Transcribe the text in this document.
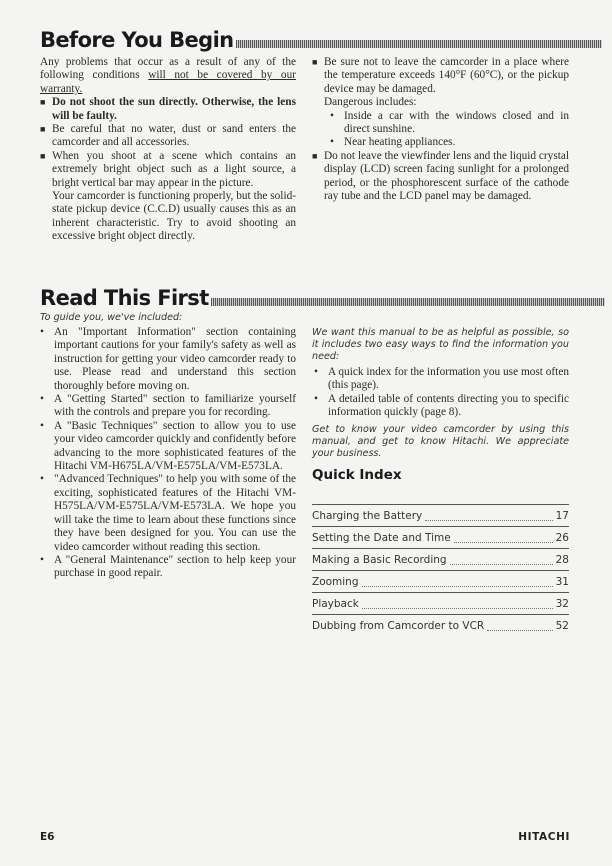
Before You Begin

Any problems that occur as a result of any of the following conditions will not be covered by our warranty.

■ Do not shoot the sun directly. Otherwise, the lens will be faulty.
■ Be careful that no water, dust or sand enters the camcorder and all accessories.
■ When you shoot at a scene which contains an extremely bright object such as a light source, a bright vertical bar may appear in the picture.

Your camcorder is functioning properly, but the solid-state pickup device (C.C.D) usually causes this as an inherent characteristic. Try to avoid shooting an excessive bright object directly.

■ Be sure not to leave the camcorder in a place where the temperature exceeds 140°F (60°C), or the pickup device may be damaged.

Dangerous includes:

• Inside a car with the windows closed and in direct sunshine.
• Near heating appliances.
■ Do not leave the viewfinder lens and the liquid crystal display (LCD) screen facing sunlight for a prolonged period, or the phosphorescent surface of the cathode ray tube and the LCD panel may be damaged.
Read This First

To guide you, we've included:

• An "Important Information" section containing important cautions for your family's safety as well as instruction for getting your video camcorder ready to use. Please read and understand this section thoroughly before moving on.
• A "Getting Started" section to familiarize yourself with the controls and prepare you for recording.
• A "Basic Techniques" section to allow you to use your video camcorder quickly and confidently before advancing to the more sophisticated features of the Hitachi VM-H675LA/VM-E575LA/VM-E573LA.
• "Advanced Techniques" to help you with some of the exciting, sophisticated features of the Hitachi VM-H575LA/VM-E575LA/VM-E573LA. We hope you will take the time to learn about these functions since they have been designed for you. You can use the video camcorder without reading this section.
• A "General Maintenance" section to help keep your purchase in good repair.

We want this manual to be as helpful as possible, so it includes two easy ways to find the information you need:

• A quick index for the information you use most often (this page).
• A detailed table of contents directing you to specific information quickly (page 8).

Get to know your video camcorder by using this manual, and get to know Hitachi. We appreciate your business.

Quick Index

Charging the Battery	17
Setting the Date and Time	26
Making a Basic Recording	28
Zooming	31
Playback	32
Dubbing from Camcorder to VCR	52
E6	HITACHI
